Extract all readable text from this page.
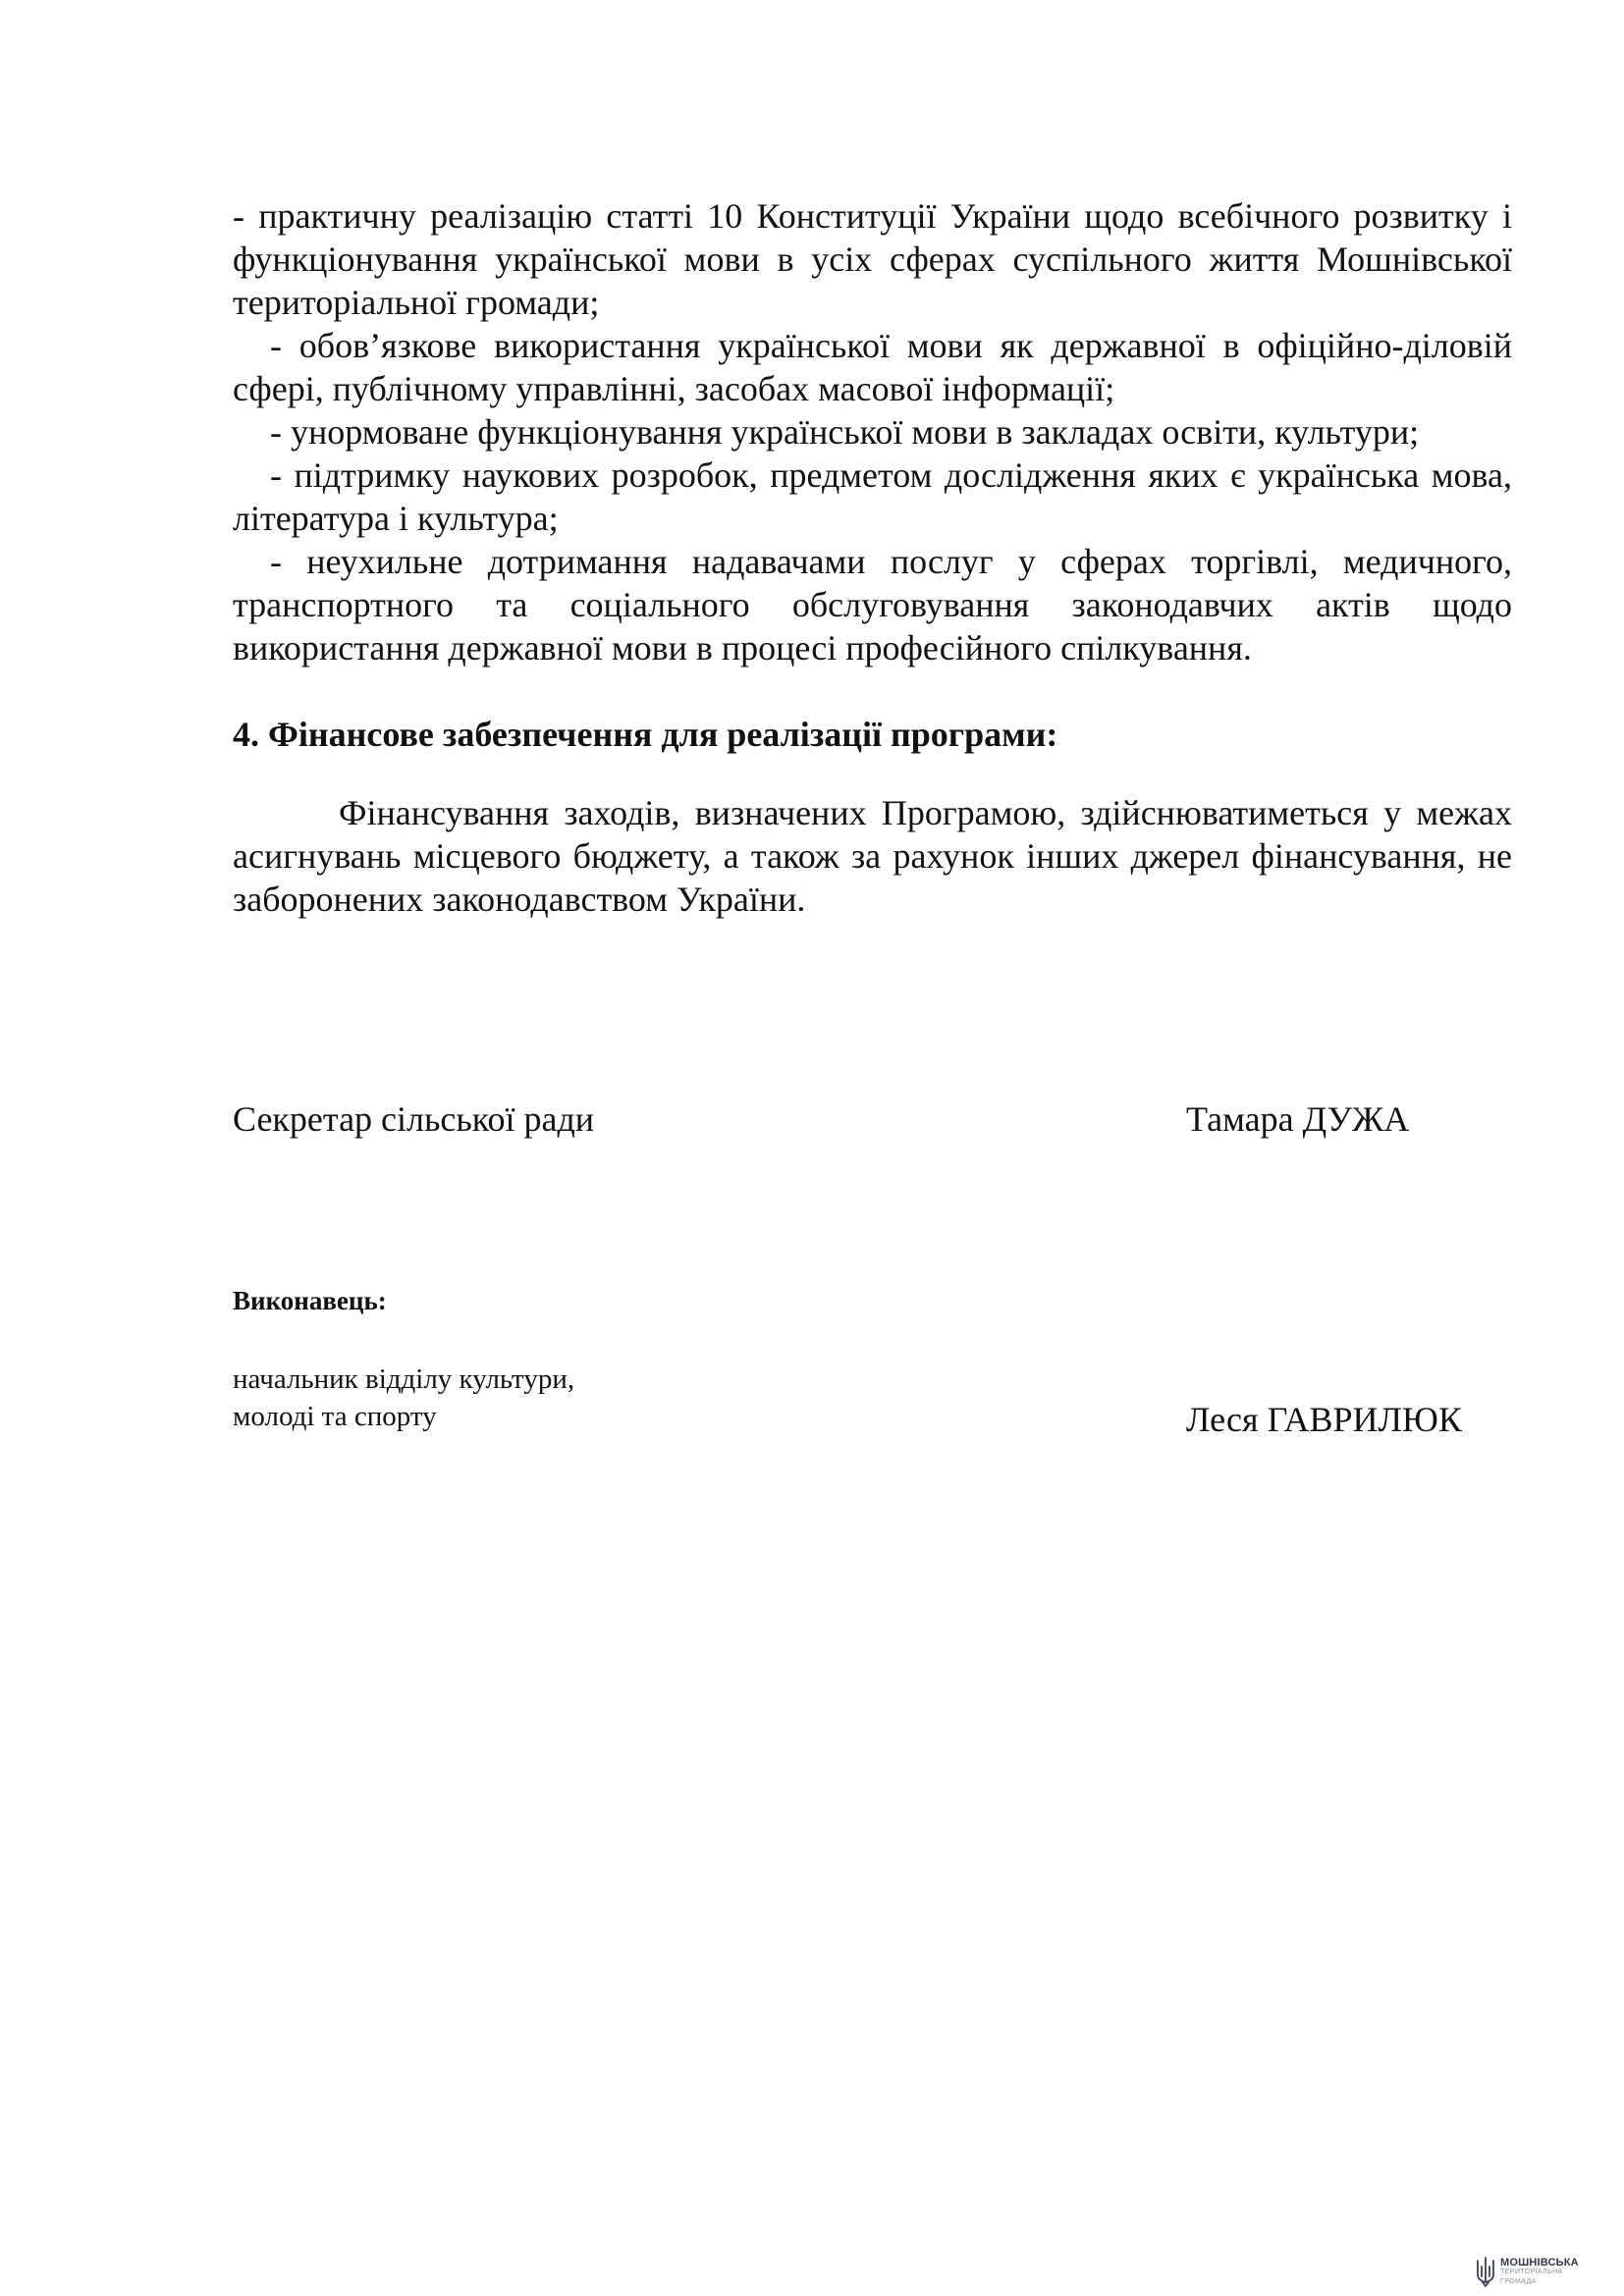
- практичну реалізацію статті 10 Конституції України щодо всебічного розвитку і функціонування української мови в усіх сферах суспільного життя Мошнівської територіальної громади;

- обов’язкове використання української мови як державної в офіційно-діловій сфері, публічному управлінні, засобах масової інформації;

- унормоване функціонування української мови в закладах освіти, культури;

- підтримку наукових розробок, предметом дослідження яких є українська мова, література і культура;

- неухильне дотримання надавачами послуг у сферах торгівлі, медичного, транспортного та соціального обслуговування законодавчих актів щодо використання державної мови в процесі професійного спілкування.

4. Фінансове забезпечення для реалізації програми:

Фінансування заходів, визначених Програмою, здійснюватиметься у межах асигнувань місцевого бюджету, а також за рахунок інших джерел фінансування, не заборонених законодавством України.

Секретар сільської ради	Тамара ДУЖА
Виконавець:
начальник відділу культури,
молоді та спорту	Леся ГАВРИЛЮК
МОШНІВСЬКА
ТЕРИТОРІАЛЬНА
ГРОМАДА
